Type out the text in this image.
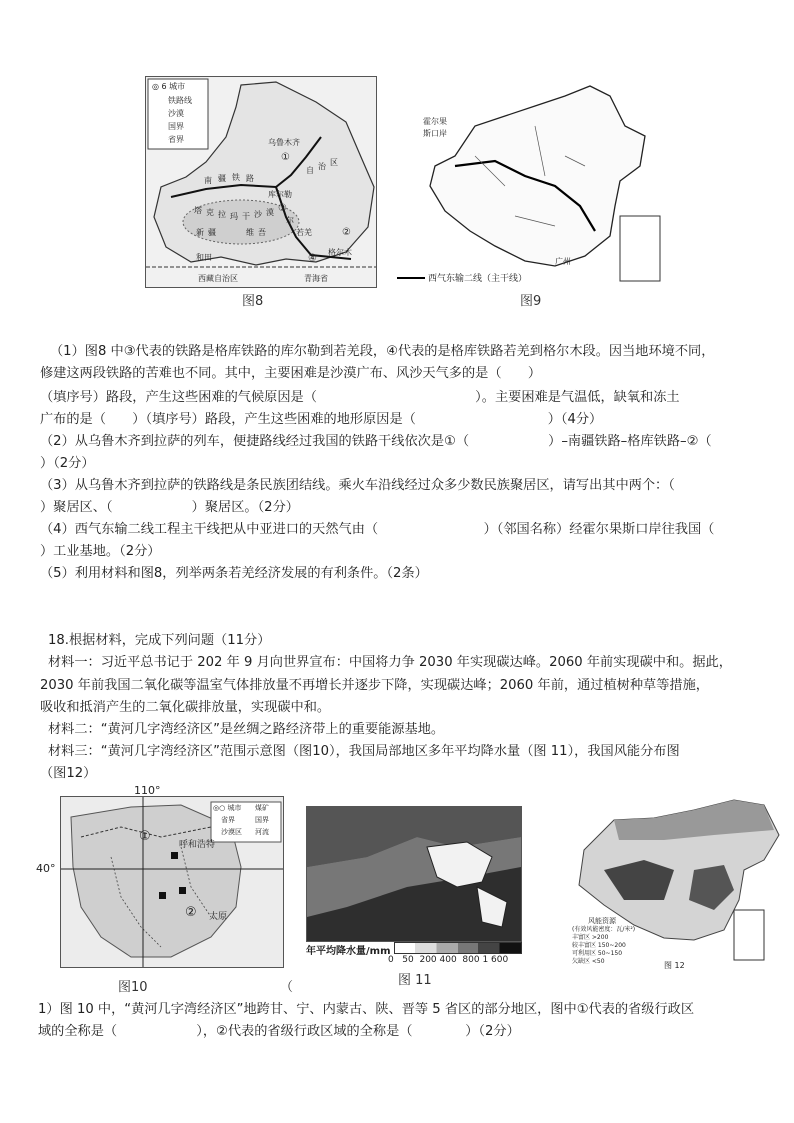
◎ 6 城市
铁路线
沙漠
国界
省界	乌鲁木齐
①
库尔勒
③
南 疆 铁 路
塔 克 拉 玛 干 沙 漠
新 疆	维 吾
尔
自 治 区
若羌
④
和田
格尔木
西藏自治区	青海省
②
图8
霍尔果
斯口岸
广州
西气东输二线（主干线）
图9
（1）图8 中③代表的铁路是格库铁路的库尔勒到若羌段，④代表的是格库铁路若羌到格尔木段。因当地环境不同，
修建这两段铁路的苦难也不同。其中，主要困难是沙漠广布、风沙天气多的是（　　）
（填序号）路段，产生这些困难的气候原因是（　　　　　　　　　　　　）。主要困难是气温低，缺氧和冻土
广布的是（　　）（填序号）路段，产生这些困难的地形原因是（　　　　　　　　　　）（4分）
（2）从乌鲁木齐到拉萨的列车，便捷路线经过我国的铁路干线依次是①（　　　　　　）–南疆铁路–格库铁路–②（
）（2分）
（3）从乌鲁木齐到拉萨的铁路线是条民族团结线。乘火车沿线经过众多少数民族聚居区，请写出其中两个：（
）聚居区、（　　　　　　）聚居区。（2分）
（4）西气东输二线工程主干线把从中亚进口的天然气由（　　　　　　　　）（邻国名称）经霍尔果斯口岸往我国（
）工业基地。（2分）
（5）利用材料和图8，列举两条若羌经济发展的有利条件。（2条）
18.根据材料，完成下列问题（11分）
材料一：习近平总书记于 202 年 9 月向世界宣布：中国将力争 2030 年实现碳达峰。2060 年前实现碳中和。据此，
2030 年前我国二氧化碳等温室气体排放量不再增长并逐步下降，实现碳达峰；2060 年前，通过植树种草等措施，
吸收和抵消产生的二氧化碳排放量，实现碳中和。
材料二：“黄河几字湾经济区”是丝绸之路经济带上的重要能源基地。
材料三：“黄河几字湾经济区”范围示意图（图10），我国局部地区多年平均降水量（图 11），我国风能分布图
（图12）
◎○ 城市 煤矿
省界	国界
沙漠区 河流
①
②
呼和浩特
太原
110°
40°
图10
年平均降水量/mm
0   50  200 400  800 1 600
图 11
风能资源
(有效风能密度：瓦/米²)
丰富区 >200
较丰富区 150~200
可利用区 50~150
欠缺区 <50	图 12
（
1）图 10 中，“黄河几字湾经济区”地跨甘、宁、内蒙古、陕、晋等 5 省区的部分地区，图中①代表的省级行政区
域的全称是（　　　　　　），②代表的省级行政区域的全称是（　　　　）（2分）
